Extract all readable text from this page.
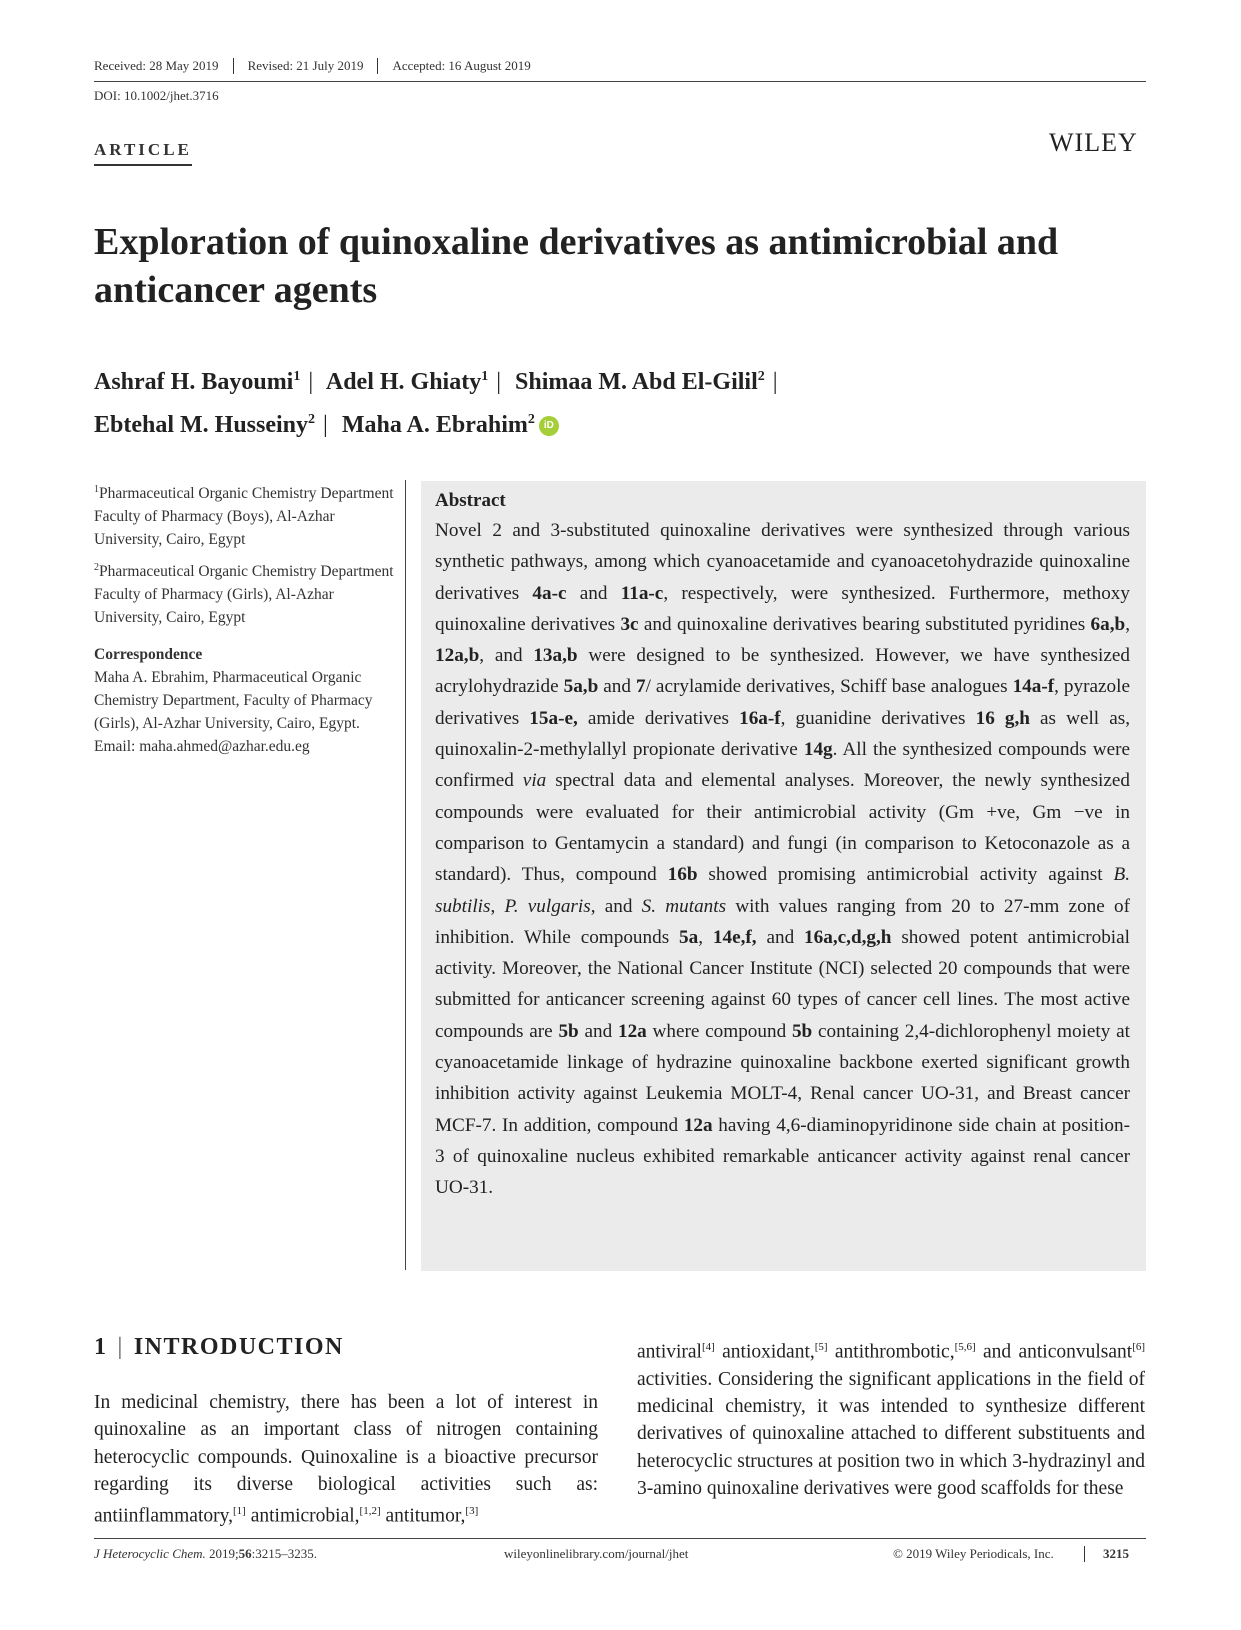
Received: 28 May 2019	Revised: 21 July 2019	Accepted: 16 August 2019
DOI: 10.1002/jhet.3716
ARTICLE	WILEY
Exploration of quinoxaline derivatives as antimicrobial and anticancer agents
Ashraf H. Bayoumi$^1$ | Adel H. Ghiaty$^1$ | Shimaa M. Abd El-Gilil$^2$ |
Ebtehal M. Husseiny$^2$ | Maha A. Ebrahim$^2$ iD
$^1$Pharmaceutical Organic Chemistry Department Faculty of Pharmacy (Boys), Al-Azhar University, Cairo, Egypt
$^2$Pharmaceutical Organic Chemistry Department Faculty of Pharmacy (Girls), Al-Azhar University, Cairo, Egypt
Correspondence
Maha A. Ebrahim, Pharmaceutical Organic Chemistry Department, Faculty of Pharmacy (Girls), Al-Azhar University, Cairo, Egypt.
Email: maha.ahmed@azhar.edu.eg
Abstract
Novel 2 and 3-substituted quinoxaline derivatives were synthesized through various synthetic pathways, among which cyanoacetamide and cyanoacetohydrazide quinoxaline derivatives 4a-c and 11a-c, respectively, were synthesized. Furthermore, methoxy quinoxaline derivatives 3c and quinoxaline derivatives bearing substituted pyridines 6a,b, 12a,b, and 13a,b were designed to be synthesized. However, we have synthesized acrylohydrazide 5a,b and 7/ acrylamide derivatives, Schiff base analogues 14a-f, pyrazole derivatives 15a-e, amide derivatives 16a-f, guanidine derivatives 16 g,h as well as, quinoxalin-2-methylallyl propionate derivative 14g. All the synthesized compounds were confirmed via spectral data and elemental analyses. Moreover, the newly synthesized compounds were evaluated for their antimicrobial activity (Gm +ve, Gm −ve in comparison to Gentamycin a standard) and fungi (in comparison to Ketoconazole as a standard). Thus, compound 16b showed promising antimicrobial activity against B. subtilis, P. vulgaris, and S. mutants with values ranging from 20 to 27-mm zone of inhibition. While compounds 5a, 14e,f, and 16a,c,d,g,h showed potent antimicrobial activity. Moreover, the National Cancer Institute (NCI) selected 20 compounds that were submitted for anticancer screening against 60 types of cancer cell lines. The most active compounds are 5b and 12a where compound 5b containing 2,4-dichlorophenyl moiety at cyanoacetamide linkage of hydrazine quinoxaline backbone exerted significant growth inhibition activity against Leukemia MOLT-4, Renal cancer UO-31, and Breast cancer MCF-7. In addition, compound 12a having 4,6-diaminopyridinone side chain at position-3 of quinoxaline nucleus exhibited remarkable anticancer activity against renal cancer UO-31.
1 | INTRODUCTION
In medicinal chemistry, there has been a lot of interest in quinoxaline as an important class of nitrogen containing heterocyclic compounds. Quinoxaline is a bioactive precursor regarding its diverse biological activities such as: antiinflammatory,[1] antimicrobial,[1,2] antitumor,[3]
antiviral[4] antioxidant,[5] antithrombotic,[5,6] and anticonvulsant[6] activities. Considering the significant applications in the field of medicinal chemistry, it was intended to synthesize different derivatives of quinoxaline attached to different substituents and heterocyclic structures at position two in which 3-hydrazinyl and 3-amino quinoxaline derivatives were good scaffolds for these
J Heterocyclic Chem. 2019;56:3215–3235.	wileyonlinelibrary.com/journal/jhet	© 2019 Wiley Periodicals, Inc.	3215
